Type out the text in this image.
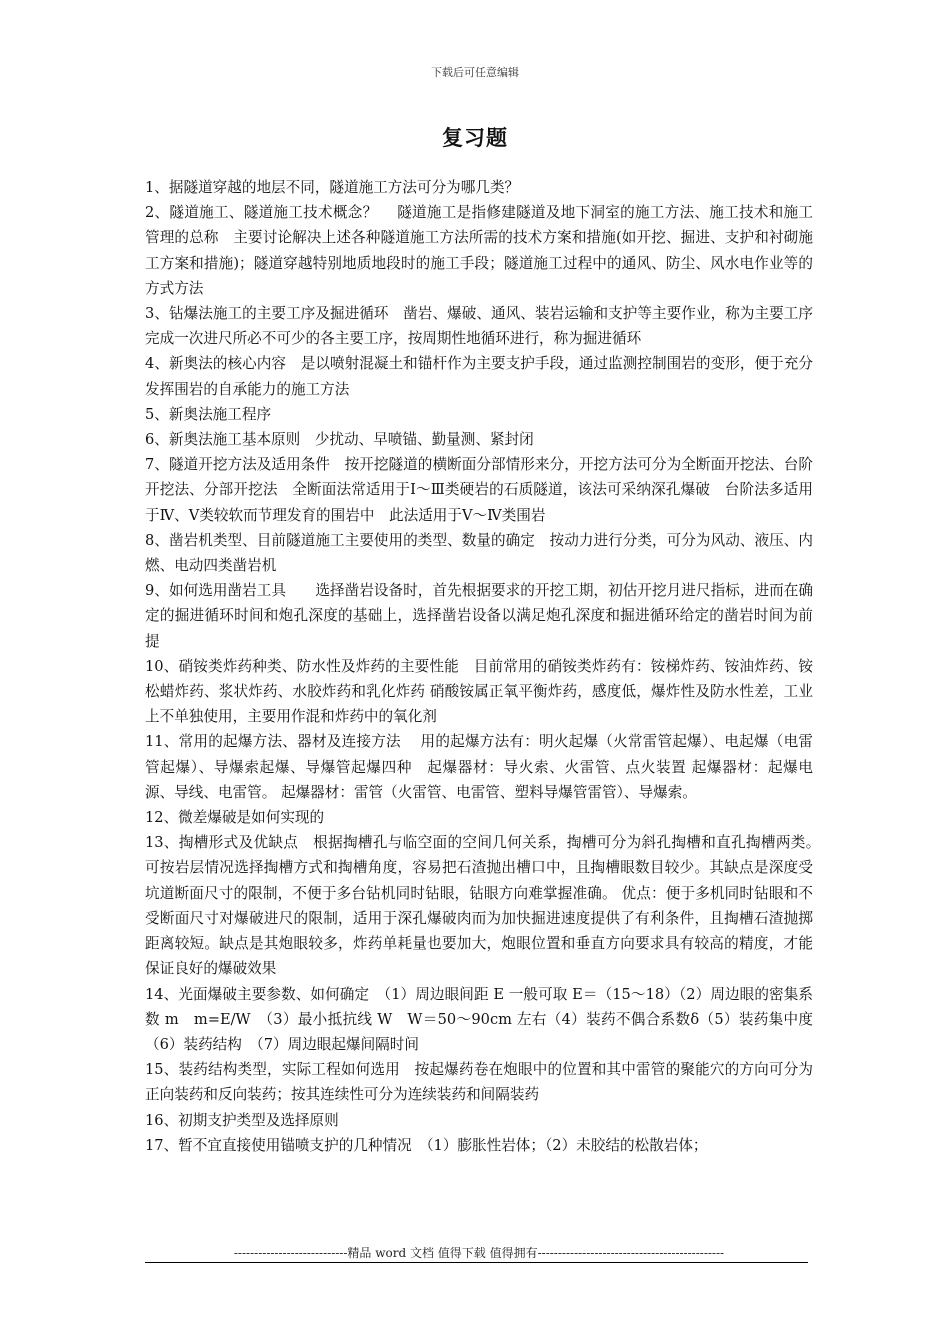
下载后可任意编辑
复习题

1、据隧道穿越的地层不同，隧道施工方法可分为哪几类？

2、隧道施工、隧道施工技术概念？　 隧道施工是指修建隧道及地下洞室的施工方法、施工技术和施工管理的总称　主要讨论解决上述各种隧道施工方法所需的技术方案和措施(如开挖、掘进、支护和衬砌施工方案和措施)；隧道穿越特别地质地段时的施工手段；隧道施工过程中的通风、防尘、风水电作业等的方式方法

3、钻爆法施工的主要工序及掘进循环　凿岩、爆破、通风、装岩运输和支护等主要作业，称为主要工序　 完成一次进尺所必不可少的各主要工序，按周期性地循环进行，称为掘进循环

4、新奥法的核心内容　是以喷射混凝土和锚杆作为主要支护手段，通过监测控制围岩的变形，便于充分发挥围岩的自承能力的施工方法

5、新奥法施工程序

6、新奥法施工基本原则　少扰动、早喷锚、勤量测、紧封闭

7、隧道开挖方法及适用条件　按开挖隧道的横断面分部情形来分，开挖方法可分为全断面开挖法、台阶开挖法、分部开挖法　全断面法常适用于Ⅰ～Ⅲ类硬岩的石质隧道，该法可采纳深孔爆破　台阶法多适用于Ⅳ、Ⅴ类较软而节理发育的围岩中　此法适用于Ⅴ～Ⅳ类围岩

8、凿岩机类型、目前隧道施工主要使用的类型、数量的确定　按动力进行分类，可分为风动、液压、内燃、电动四类凿岩机

9、如何选用凿岩工具　　选择凿岩设备时，首先根据要求的开挖工期，初估开挖月进尺指标，进而在确定的掘进循环时间和炮孔深度的基础上，选择凿岩设备以满足炮孔深度和掘进循环给定的凿岩时间为前提

10、硝铵类炸药种类、防水性及炸药的主要性能　目前常用的硝铵类炸药有：铵梯炸药、铵油炸药、铵松蜡炸药、浆状炸药、水胶炸药和乳化炸药 硝酸铵属正氧平衡炸药，感度低，爆炸性及防水性差，工业上不单独使用，主要用作混和炸药中的氧化剂

11、常用的起爆方法、器材及连接方法　 用的起爆方法有：明火起爆（火常雷管起爆）、电起爆（电雷管起爆）、导爆索起爆、导爆管起爆四种　起爆器材：导火索、火雷管、点火装置 起爆器材：起爆电源、导线、电雷管。 起爆器材：雷管（火雷管、电雷管、塑料导爆管雷管）、导爆索。

12、微差爆破是如何实现的

13、掏槽形式及优缺点　根据掏槽孔与临空面的空间几何关系，掏槽可分为斜孔掏槽和直孔掏槽两类。　可按岩层情况选择掏槽方式和掏槽角度，容易把石渣抛出槽口中，且掏槽眼数目较少。其缺点是深度受坑道断面尺寸的限制，不便于多台钻机同时钻眼，钻眼方向难掌握准确。 优点：便于多机同时钻眼和不受断面尺寸对爆破进尺的限制，适用于深孔爆破肉而为加快掘进速度提供了有利条件，且掏槽石渣抛掷距离较短。缺点是其炮眼较多，炸药单耗量也要加大，炮眼位置和垂直方向要求具有较高的精度，才能保证良好的爆破效果

14、光面爆破主要参数、如何确定　（1）周边眼间距 E 一般可取 E＝（15～18）（2）周边眼的密集系数 m　m=E/W　（3）最小抵抗线 W　W＝50～90cm 左右（4）装药不偶合系数δ（5）装药集中度　（6）装药结构　（7）周边眼起爆间隔时间

15、装药结构类型，实际工程如何选用　按起爆药卷在炮眼中的位置和其中雷管的聚能穴的方向可分为正向装药和反向装药；按其连续性可分为连续装药和间隔装药

16、初期支护类型及选择原则

17、暂不宜直接使用锚喷支护的几种情况　（1）膨胀性岩体；（2）未胶结的松散岩体；

----------------------------精品 word 文档 值得下载 值得拥有----------------------------------------------
